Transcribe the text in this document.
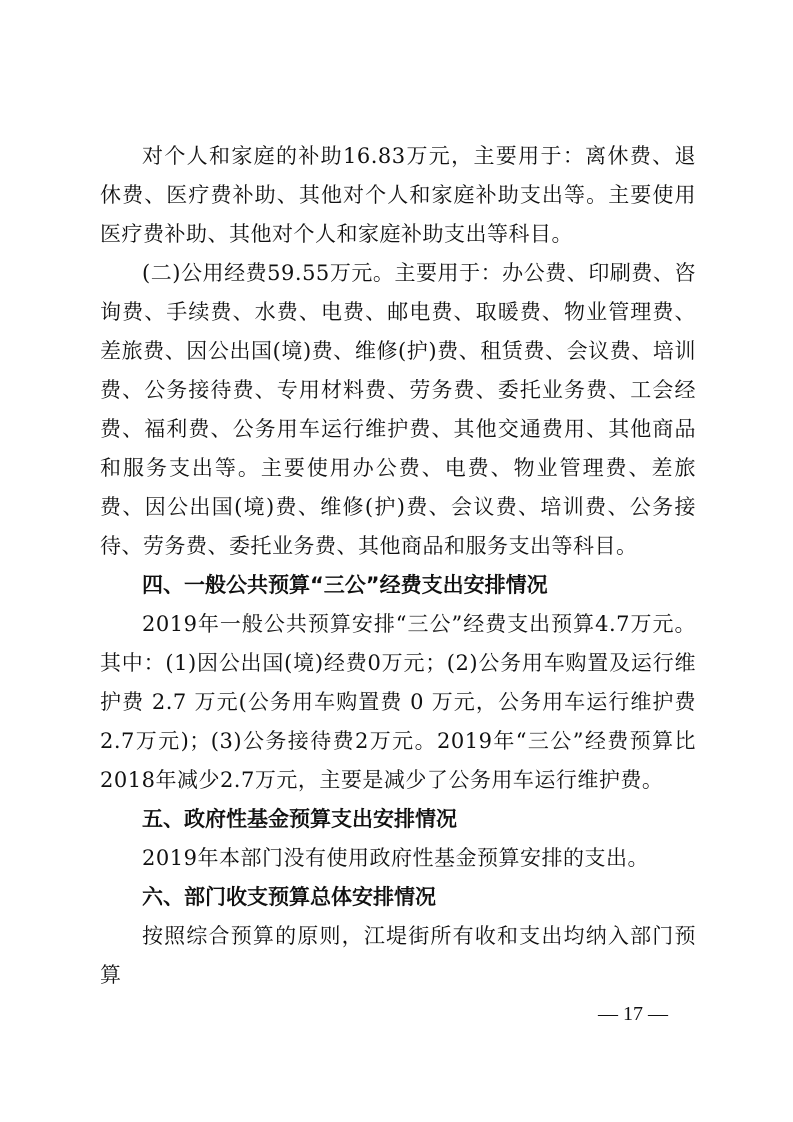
对个人和家庭的补助16.83万元，主要用于：离休费、退休费、医疗费补助、其他对个人和家庭补助支出等。主要使用医疗费补助、其他对个人和家庭补助支出等科目。

(二)公用经费59.55万元。主要用于：办公费、印刷费、咨询费、手续费、水费、电费、邮电费、取暖费、物业管理费、差旅费、因公出国(境)费、维修(护)费、租赁费、会议费、培训费、公务接待费、专用材料费、劳务费、委托业务费、工会经费、福利费、公务用车运行维护费、其他交通费用、其他商品和服务支出等。主要使用办公费、电费、物业管理费、差旅费、因公出国(境)费、维修(护)费、会议费、培训费、公务接待、劳务费、委托业务费、其他商品和服务支出等科目。

四、一般公共预算“三公”经费支出安排情况

2019年一般公共预算安排“三公”经费支出预算4.7万元。其中：(1)因公出国(境)经费0万元；(2)公务用车购置及运行维护费 2.7 万元(公务用车购置费 0 万元，公务用车运行维护费2.7万元)；(3)公务接待费2万元。2019年“三公”经费预算比2018年减少2.7万元，主要是减少了公务用车运行维护费。

五、政府性基金预算支出安排情况

2019年本部门没有使用政府性基金预算安排的支出。

六、部门收支预算总体安排情况

按照综合预算的原则，江堤街所有收和支出均纳入部门预算

— 17 —
